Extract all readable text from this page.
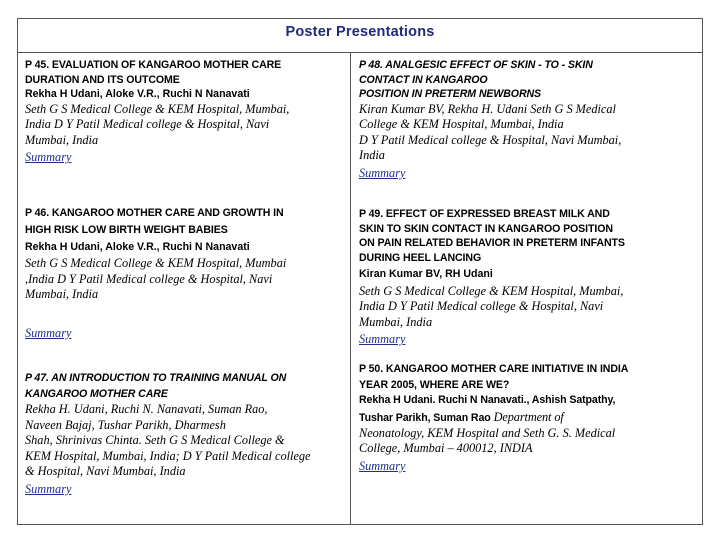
Poster Presentations
P 45. EVALUATION OF KANGAROO MOTHER CARE
DURATION AND ITS OUTCOME
Rekha H Udani, Aloke V.R., Ruchi N Nanavati
Seth G S Medical College & KEM Hospital, Mumbai,
India D Y Patil Medical college & Hospital, Navi
Mumbai, India
Summary
P 48. ANALGESIC EFFECT OF SKIN - TO - SKIN
CONTACT IN KANGAROO
POSITION IN PRETERM NEWBORNS
Kiran Kumar BV, Rekha H. Udani Seth G S Medical
College & KEM Hospital, Mumbai, India
D Y Patil Medical college & Hospital, Navi Mumbai,
India
Summary
P 46. KANGAROO MOTHER CARE AND GROWTH IN
HIGH RISK LOW BIRTH WEIGHT BABIES
Rekha H Udani, Aloke V.R., Ruchi N Nanavati
Seth G S Medical College & KEM Hospital, Mumbai
,India D Y Patil Medical college & Hospital, Navi
Mumbai, India
Summary
P 49. EFFECT OF EXPRESSED BREAST MILK AND
SKIN TO SKIN CONTACT IN KANGAROO POSITION
ON PAIN RELATED BEHAVIOR IN PRETERM INFANTS
DURING HEEL LANCING
Kiran Kumar BV, RH Udani
Seth G S Medical College & KEM Hospital, Mumbai,
India D Y Patil Medical college & Hospital, Navi
Mumbai, India
Summary
P 47. AN INTRODUCTION TO TRAINING MANUAL ON
KANGAROO MOTHER CARE
Rekha H. Udani, Ruchi N. Nanavati, Suman Rao,
Naveen Bajaj, Tushar Parikh, Dharmesh
Shah, Shrinivas Chinta. Seth G S Medical College &
KEM Hospital, Mumbai, India; D Y Patil Medical college
& Hospital, Navi Mumbai, India
Summary
P 50. KANGAROO MOTHER CARE INITIATIVE IN INDIA
YEAR 2005, WHERE ARE WE?
Rekha H Udani. Ruchi N Nanavati., Ashish Satpathy,
Tushar Parikh, Suman Rao Department of
Neonatology, KEM Hospital and Seth G. S. Medical
College, Mumbai – 400012, INDIA
Summary
